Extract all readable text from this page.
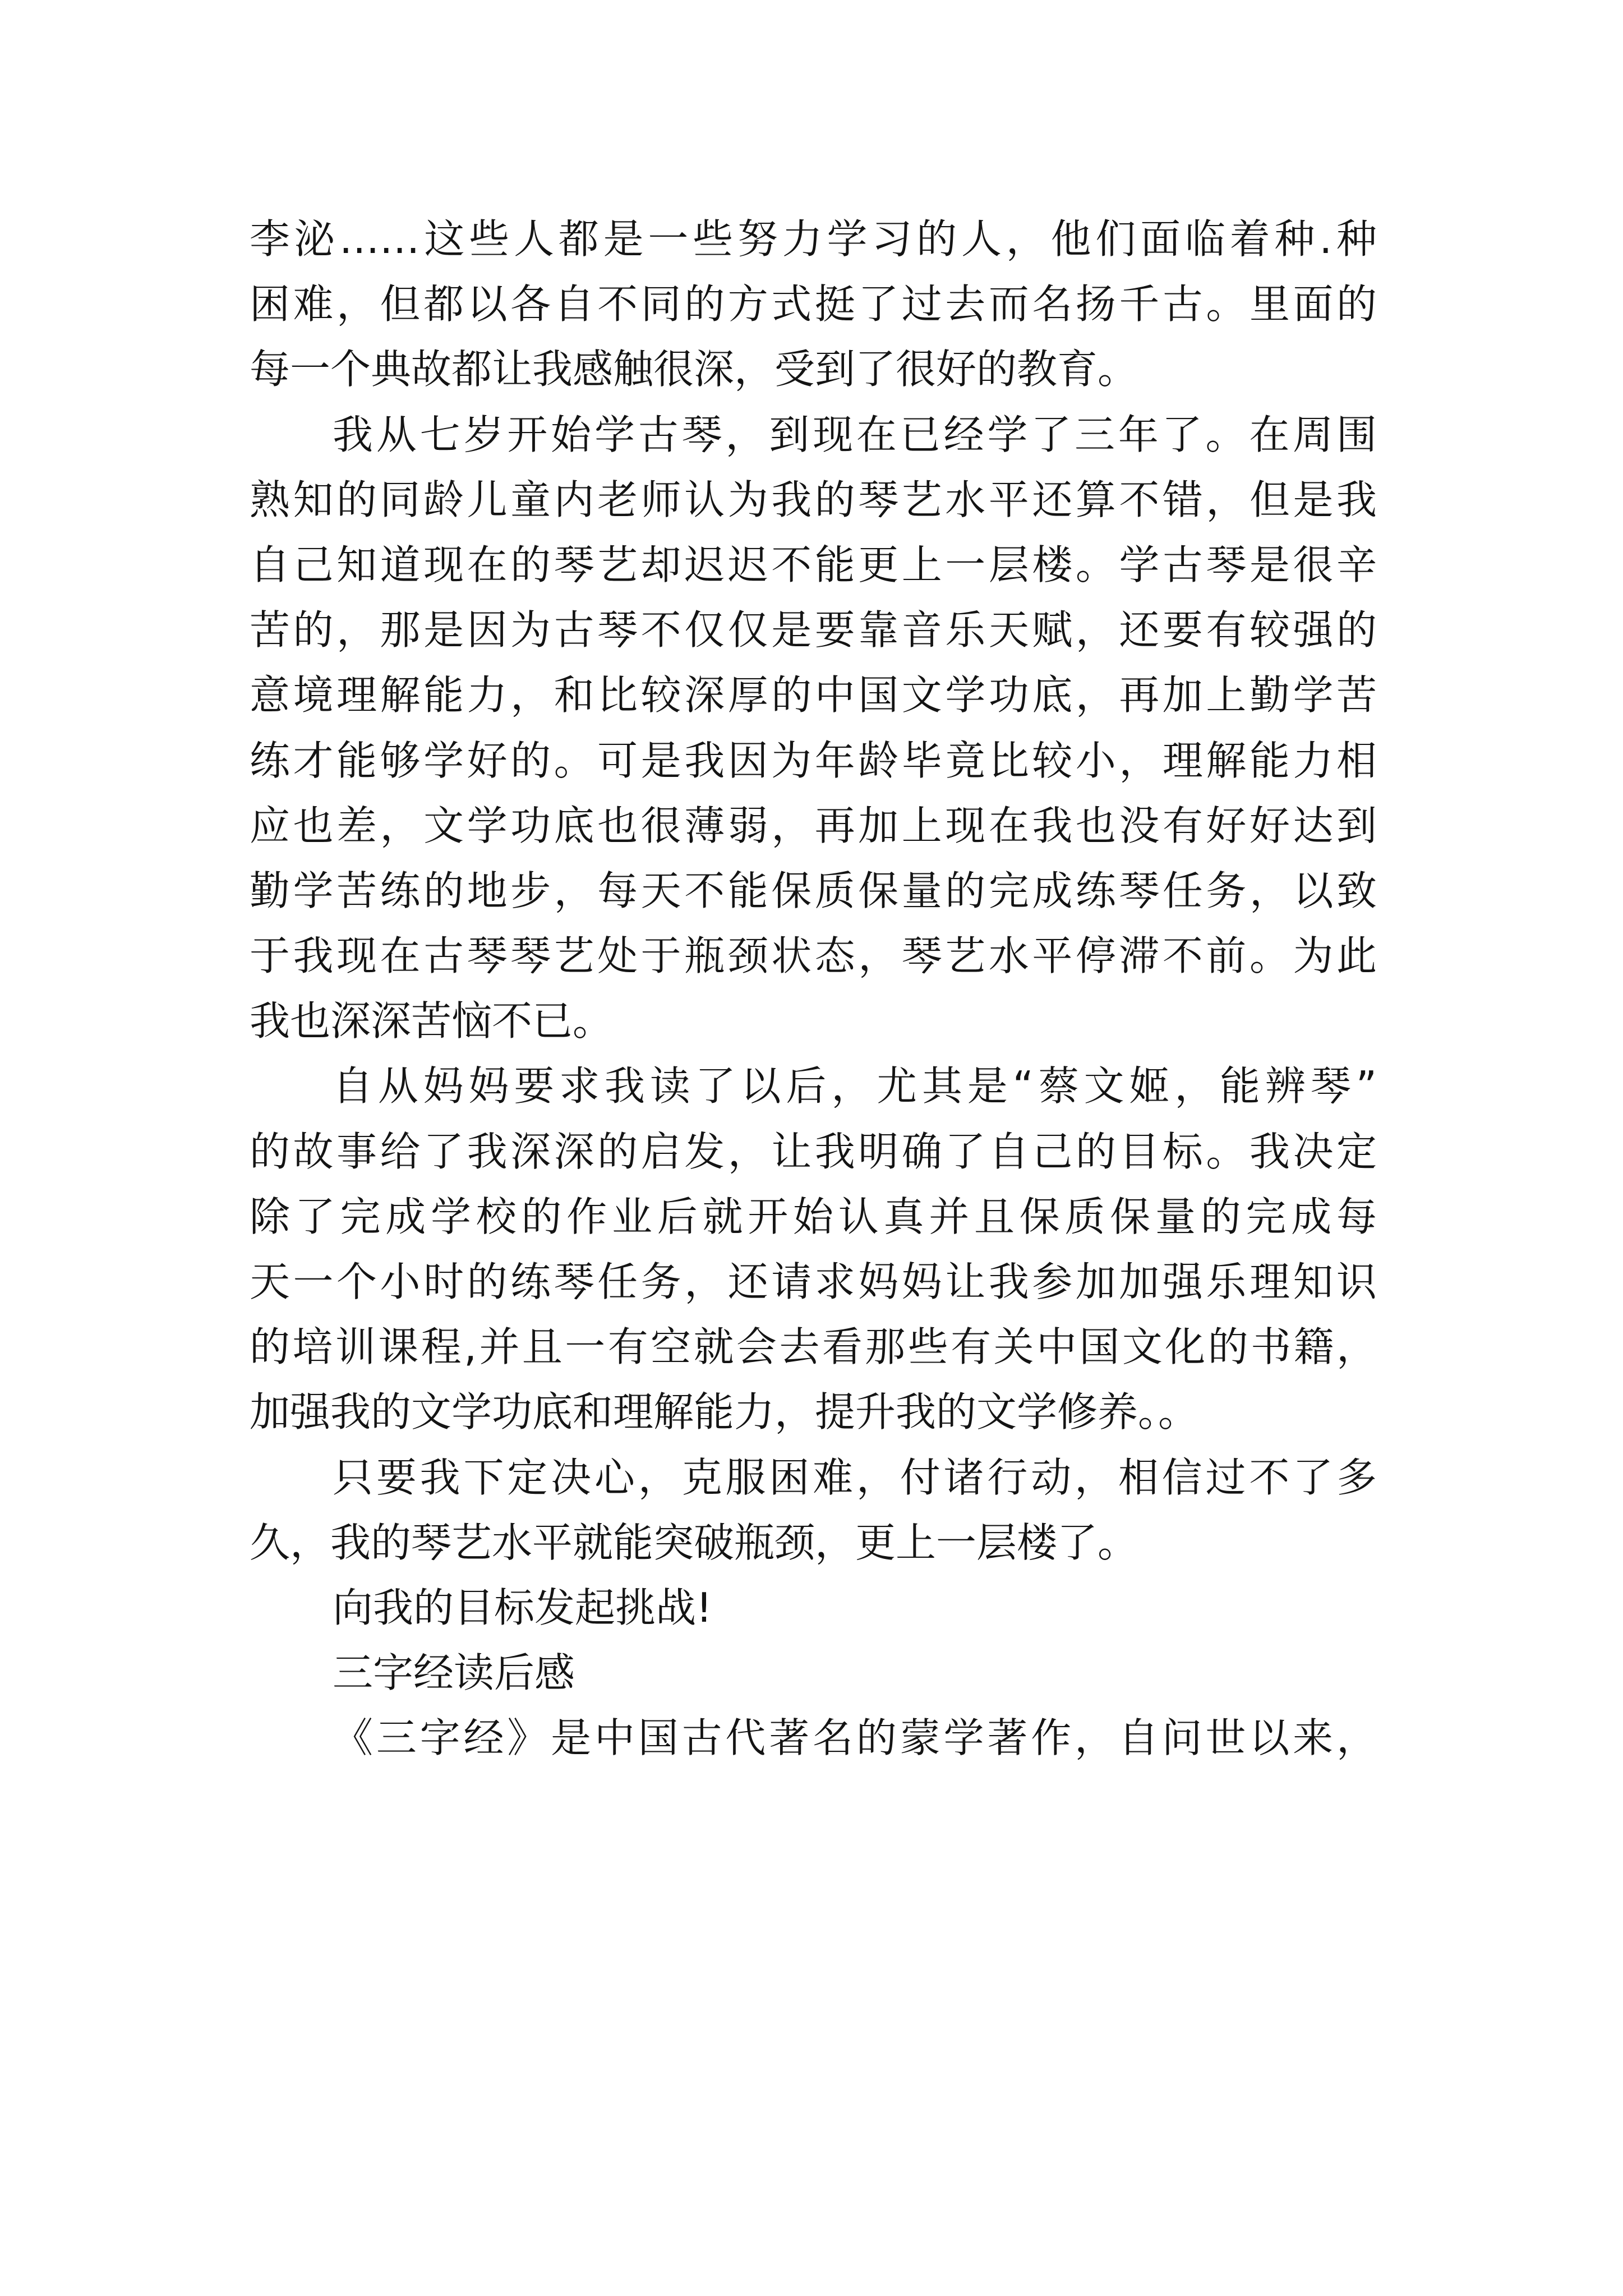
李泌……这些人都是一些努力学习的人，他们面临着种.种
困难，但都以各自不同的方式挺了过去而名扬千古。里面的
每一个典故都让我感触很深，受到了很好的教育。
我从七岁开始学古琴，到现在已经学了三年了。在周围
熟知的同龄儿童内老师认为我的琴艺水平还算不错，但是我
自己知道现在的琴艺却迟迟不能更上一层楼。学古琴是很辛
苦的，那是因为古琴不仅仅是要靠音乐天赋，还要有较强的
意境理解能力，和比较深厚的中国文学功底，再加上勤学苦
练才能够学好的。可是我因为年龄毕竟比较小，理解能力相
应也差，文学功底也很薄弱，再加上现在我也没有好好达到
勤学苦练的地步，每天不能保质保量的完成练琴任务，以致
于我现在古琴琴艺处于瓶颈状态，琴艺水平停滞不前。为此
我也深深苦恼不已。
自从妈妈要求我读了以后，尤其是“蔡文姬，能辨琴”
的故事给了我深深的启发，让我明确了自己的目标。我决定
除了完成学校的作业后就开始认真并且保质保量的完成每
天一个小时的练琴任务，还请求妈妈让我参加加强乐理知识
的培训课程,并且一有空就会去看那些有关中国文化的书籍，
加强我的文学功底和理解能力，提升我的文学修养。。
只要我下定决心，克服困难，付诸行动，相信过不了多
久，我的琴艺水平就能突破瓶颈，更上一层楼了。
向我的目标发起挑战!
三字经读后感
《三字经》是中国古代著名的蒙学著作，自问世以来，
